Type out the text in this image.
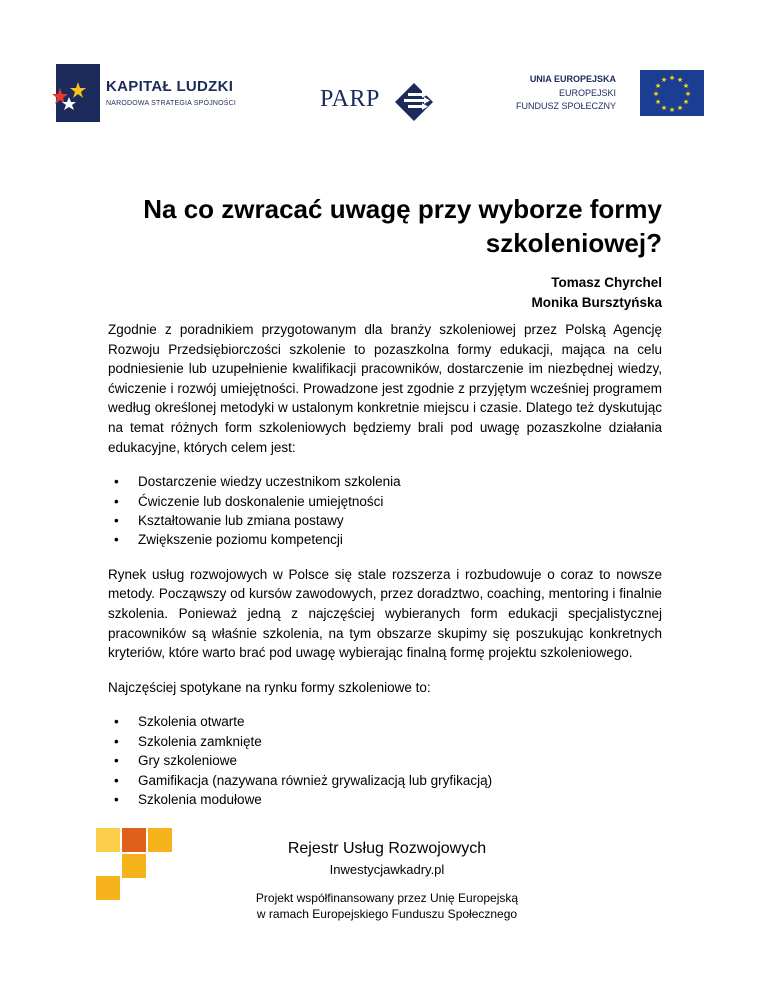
KAPITAŁ LUDZKI
NARODOWA STRATEGIA SPÓJNOŚCI	PARP
UNIA EUROPEJSKA
EUROPEJSKI
FUNDUSZ SPOŁECZNY
★ ★
★
★
★
★
★
★
★
★
★
★
Na co zwracać uwagę przy wyborze formy
szkoleniowej?
Tomasz Chyrchel
Monika Bursztyńska

Zgodnie z poradnikiem przygotowanym dla branży szkoleniowej przez Polską Agencję Rozwoju Przedsiębiorczości szkolenie to pozaszkolna formy edukacji, mająca na celu podniesienie lub uzupełnienie kwalifikacji pracowników, dostarczenie im niezbędnej wiedzy, ćwiczenie i rozwój umiejętności. Prowadzone jest zgodnie z przyjętym wcześniej programem według określonej metodyki w ustalonym konkretnie miejscu i czasie. Dlatego też dyskutując na temat różnych form szkoleniowych będziemy brali pod uwagę pozaszkolne działania edukacyjne, których celem jest:

• Dostarczenie wiedzy uczestnikom szkolenia
• Ćwiczenie lub doskonalenie umiejętności
• Kształtowanie lub zmiana postawy
• Zwiększenie poziomu kompetencji

Rynek usług rozwojowych w Polsce się stale rozszerza i rozbudowuje o coraz to nowsze metody. Począwszy od kursów zawodowych, przez doradztwo, coaching, mentoring i finalnie szkolenia. Ponieważ jedną z najczęściej wybieranych form edukacji specjalistycznej pracowników są właśnie szkolenia, na tym obszarze skupimy się poszukując konkretnych kryteriów, które warto brać pod uwagę wybierając finalną formę projektu szkoleniowego.

Najczęściej spotykane na rynku formy szkoleniowe to:

• Szkolenia otwarte
• Szkolenia zamknięte
• Gry szkoleniowe
• Gamifikacja (nazywana również grywalizacją lub gryfikacją)
• Szkolenia modułowe
Rejestr Usług Rozwojowych
Inwestycjawkadry.pl
Projekt współfinansowany przez Unię Europejską
w ramach Europejskiego Funduszu Społecznego
